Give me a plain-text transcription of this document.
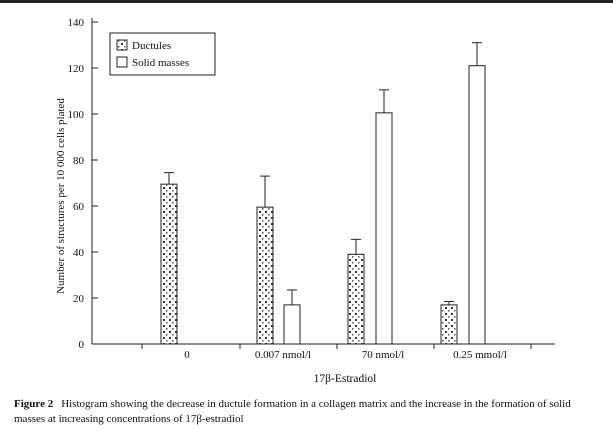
0
20
40
60
80
100
120
140
0	0.007 nmol/l	70 nmol/l	0.25 mmol/l
Ductules
Solid masses
Number of structures per 10 000 cells plated
17β-Estradiol
Figure 2 Histogram showing the decrease in ductule formation in a collagen matrix and the increase in the formation of solid masses at increasing concentrations of 17β-estradiol
